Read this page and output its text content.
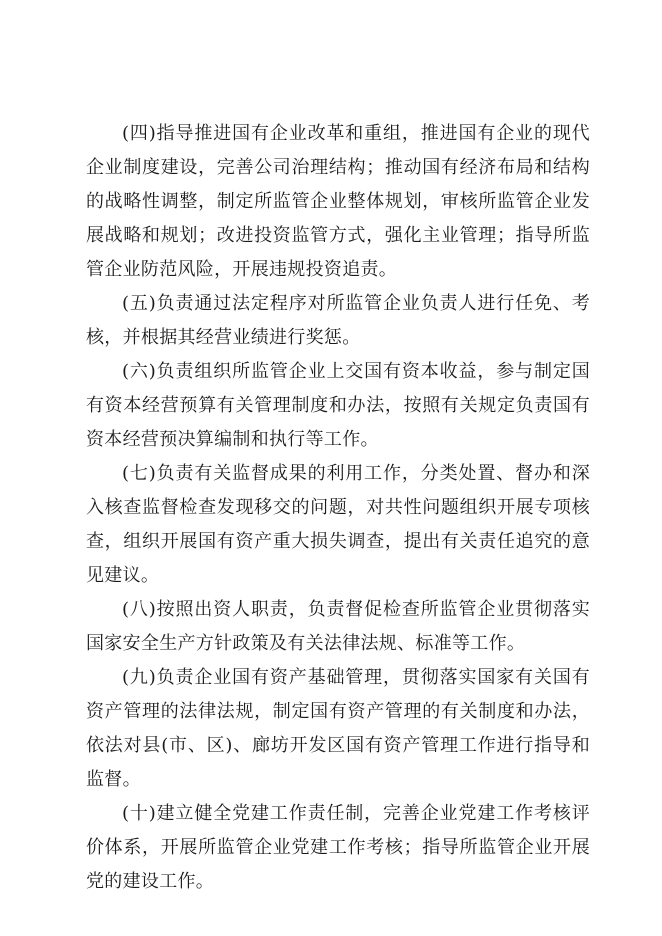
(四)指导推进国有企业改革和重组，推进国有企业的现代企业制度建设，完善公司治理结构；推动国有经济布局和结构的战略性调整，制定所监管企业整体规划，审核所监管企业发展战略和规划；改进投资监管方式，强化主业管理；指导所监管企业防范风险，开展违规投资追责。

(五)负责通过法定程序对所监管企业负责人进行任免、考核，并根据其经营业绩进行奖惩。

(六)负责组织所监管企业上交国有资本收益，参与制定国有资本经营预算有关管理制度和办法，按照有关规定负责国有资本经营预决算编制和执行等工作。

(七)负责有关监督成果的利用工作，分类处置、督办和深入核查监督检查发现移交的问题，对共性问题组织开展专项核查，组织开展国有资产重大损失调查，提出有关责任追究的意见建议。

(八)按照出资人职责，负责督促检查所监管企业贯彻落实国家安全生产方针政策及有关法律法规、标准等工作。

(九)负责企业国有资产基础管理，贯彻落实国家有关国有资产管理的法律法规，制定国有资产管理的有关制度和办法，依法对县(市、区)、廊坊开发区国有资产管理工作进行指导和监督。

(十)建立健全党建工作责任制，完善企业党建工作考核评价体系，开展所监管企业党建工作考核；指导所监管企业开展党的建设工作。
